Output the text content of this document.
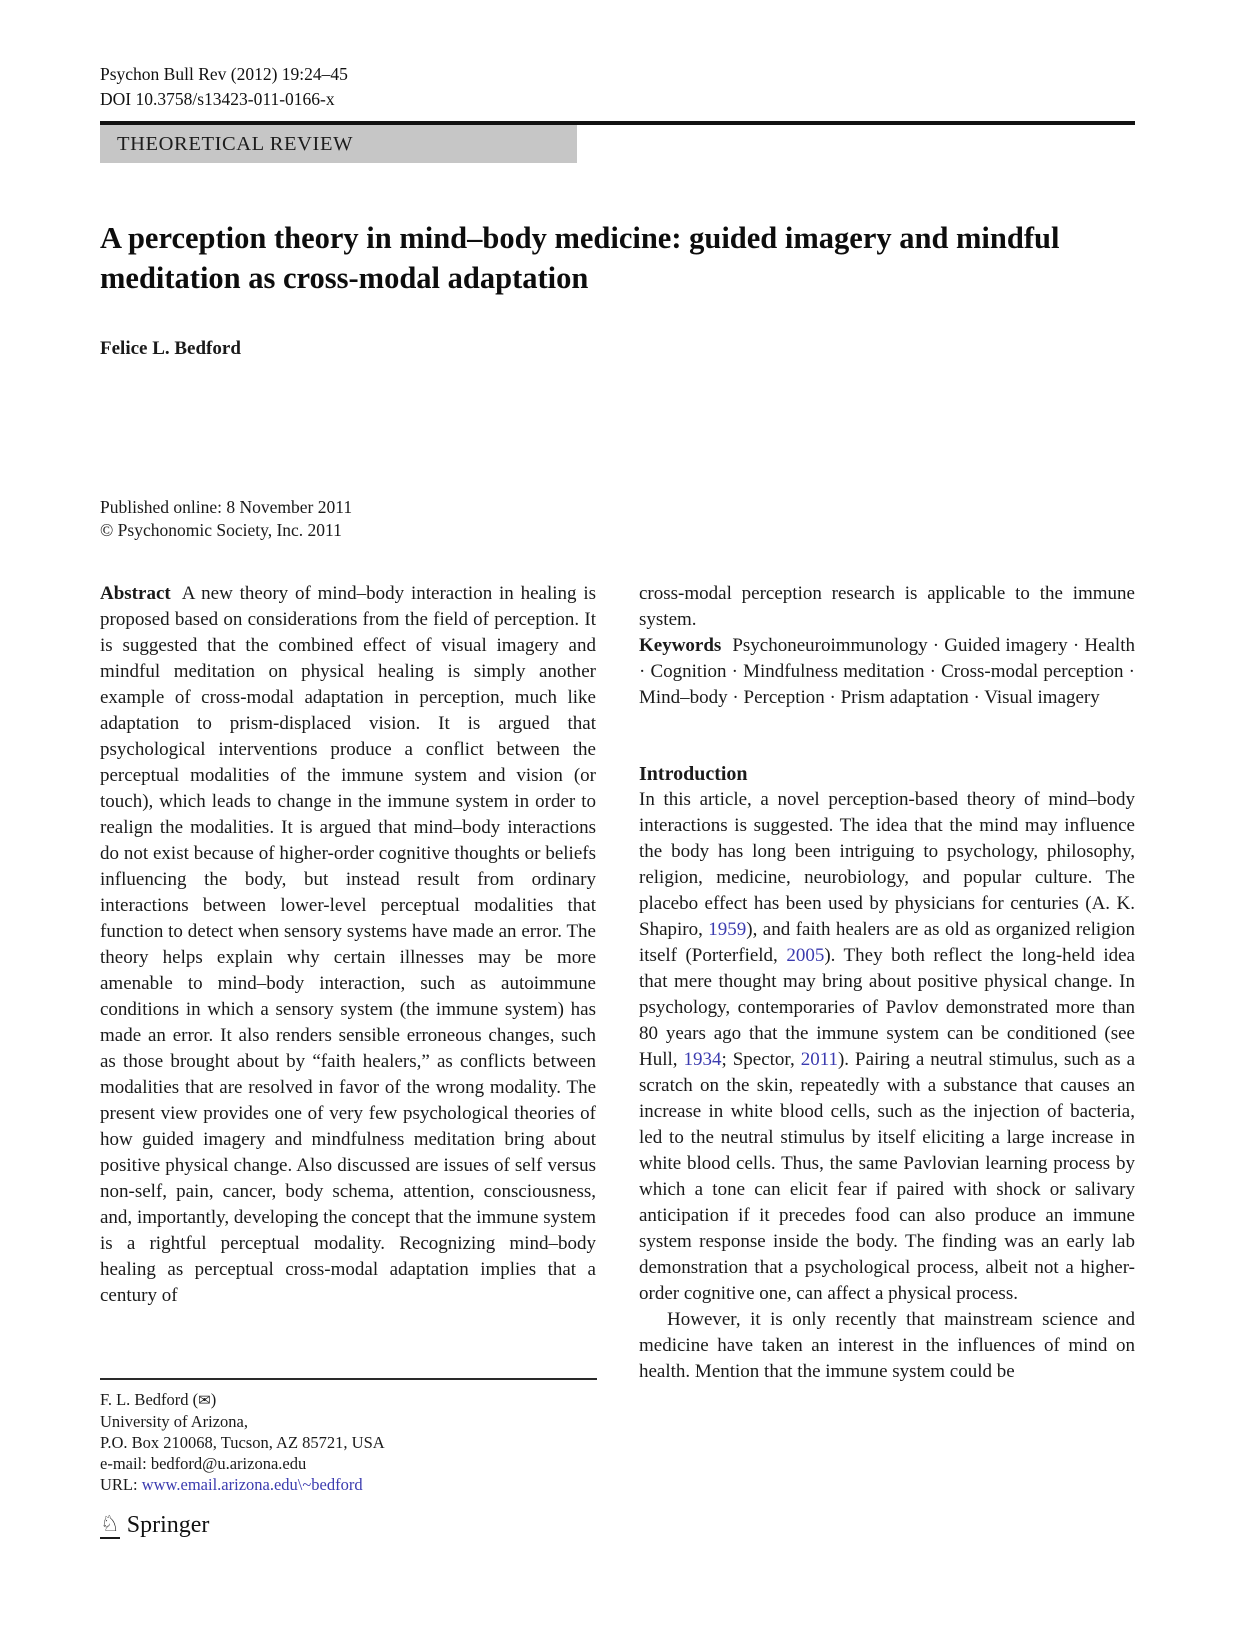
Psychon Bull Rev (2012) 19:24–45
DOI 10.3758/s13423-011-0166-x
THEORETICAL REVIEW
A perception theory in mind–body medicine: guided imagery and mindful meditation as cross-modal adaptation
Felice L. Bedford
Published online: 8 November 2011
© Psychonomic Society, Inc. 2011

Abstract A new theory of mind–body interaction in healing is proposed based on considerations from the field of perception. It is suggested that the combined effect of visual imagery and mindful meditation on physical healing is simply another example of cross-modal adaptation in perception, much like adaptation to prism-displaced vision. It is argued that psychological interventions produce a conflict between the perceptual modalities of the immune system and vision (or touch), which leads to change in the immune system in order to realign the modalities. It is argued that mind–body interactions do not exist because of higher-order cognitive thoughts or beliefs influencing the body, but instead result from ordinary interactions between lower-level perceptual modalities that function to detect when sensory systems have made an error. The theory helps explain why certain illnesses may be more amenable to mind–body interaction, such as autoimmune conditions in which a sensory system (the immune system) has made an error. It also renders sensible erroneous changes, such as those brought about by “faith healers,” as conflicts between modalities that are resolved in favor of the wrong modality. The present view provides one of very few psychological theories of how guided imagery and mindfulness meditation bring about positive physical change. Also discussed are issues of self versus non-self, pain, cancer, body schema, attention, consciousness, and, importantly, developing the concept that the immune system is a rightful perceptual modality. Recognizing mind–body healing as perceptual cross-modal adaptation implies that a century of

cross-modal perception research is applicable to the immune system.

Keywords Psychoneuroimmunology · Guided imagery · Health · Cognition · Mindfulness meditation · Cross-modal perception · Mind–body · Perception · Prism adaptation · Visual imagery

Introduction

In this article, a novel perception-based theory of mind–body interactions is suggested. The idea that the mind may influence the body has long been intriguing to psychology, philosophy, religion, medicine, neurobiology, and popular culture. The placebo effect has been used by physicians for centuries (A. K. Shapiro, 1959), and faith healers are as old as organized religion itself (Porterfield, 2005). They both reflect the long-held idea that mere thought may bring about positive physical change. In psychology, contemporaries of Pavlov demonstrated more than 80 years ago that the immune system can be conditioned (see Hull, 1934; Spector, 2011). Pairing a neutral stimulus, such as a scratch on the skin, repeatedly with a substance that causes an increase in white blood cells, such as the injection of bacteria, led to the neutral stimulus by itself eliciting a large increase in white blood cells. Thus, the same Pavlovian learning process by which a tone can elicit fear if paired with shock or salivary anticipation if it precedes food can also produce an immune system response inside the body. The finding was an early lab demonstration that a psychological process, albeit not a higher-order cognitive one, can affect a physical process.

However, it is only recently that mainstream science and medicine have taken an interest in the influences of mind on health. Mention that the immune system could be

F. L. Bedford (✉)
University of Arizona,
P.O. Box 210068, Tucson, AZ 85721, USA
e-mail: bedford@u.arizona.edu
URL: www.email.arizona.edu\~bedford
♘ Springer
